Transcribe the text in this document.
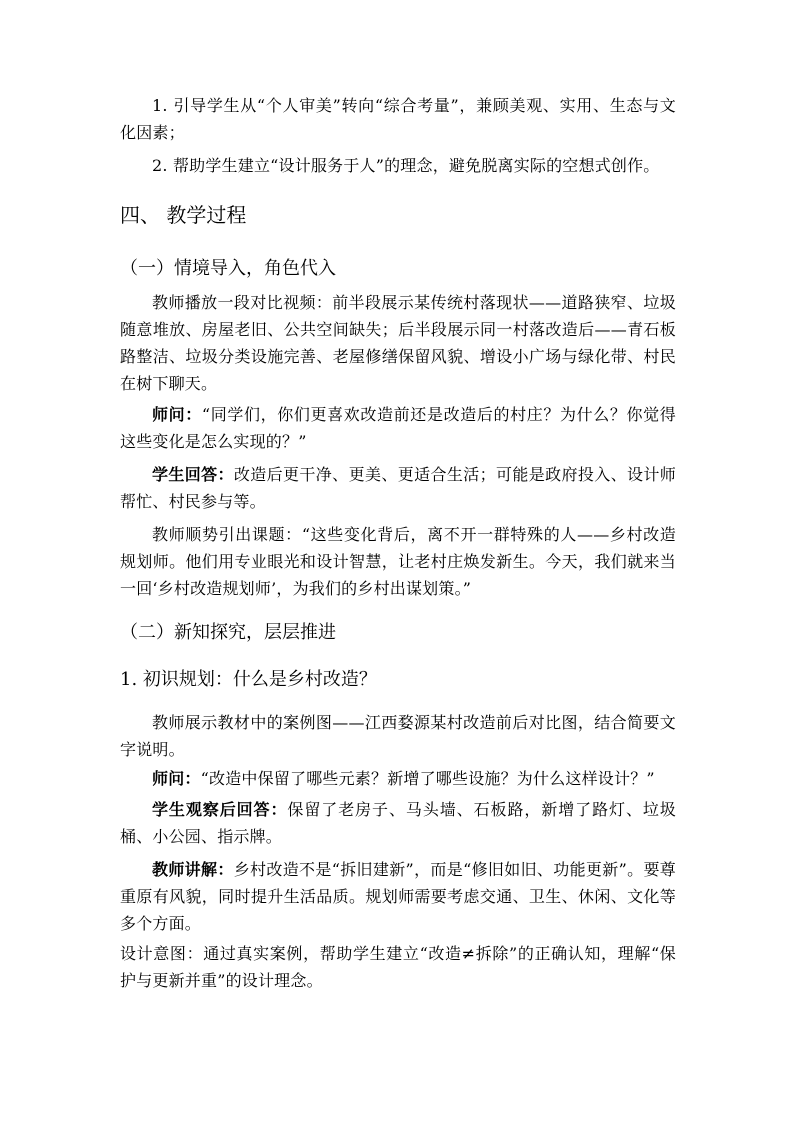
1. 引导学生从“个人审美”转向“综合考量”，兼顾美观、实用、生态与文化因素；

2. 帮助学生建立“设计服务于人”的理念，避免脱离实际的空想式创作。

四、 教学过程
（一）情境导入，角色代入

教师播放一段对比视频：前半段展示某传统村落现状——道路狭窄、垃圾随意堆放、房屋老旧、公共空间缺失；后半段展示同一村落改造后——青石板路整洁、垃圾分类设施完善、老屋修缮保留风貌、增设小广场与绿化带、村民在树下聊天。

师问：“同学们，你们更喜欢改造前还是改造后的村庄？为什么？你觉得这些变化是怎么实现的？”

学生回答：改造后更干净、更美、更适合生活；可能是政府投入、设计师帮忙、村民参与等。

教师顺势引出课题：“这些变化背后，离不开一群特殊的人——乡村改造规划师。他们用专业眼光和设计智慧，让老村庄焕发新生。今天，我们就来当一回‘乡村改造规划师’，为我们的乡村出谋划策。”

（二）新知探究，层层推进
1. 初识规划：什么是乡村改造？

教师展示教材中的案例图——江西婺源某村改造前后对比图，结合简要文字说明。

师问：“改造中保留了哪些元素？新增了哪些设施？为什么这样设计？”

学生观察后回答：保留了老房子、马头墙、石板路，新增了路灯、垃圾桶、小公园、指示牌。

教师讲解：乡村改造不是“拆旧建新”，而是“修旧如旧、功能更新”。要尊重原有风貌，同时提升生活品质。规划师需要考虑交通、卫生、休闲、文化等多个方面。

设计意图：通过真实案例，帮助学生建立“改造≠拆除”的正确认知，理解“保护与更新并重”的设计理念。
